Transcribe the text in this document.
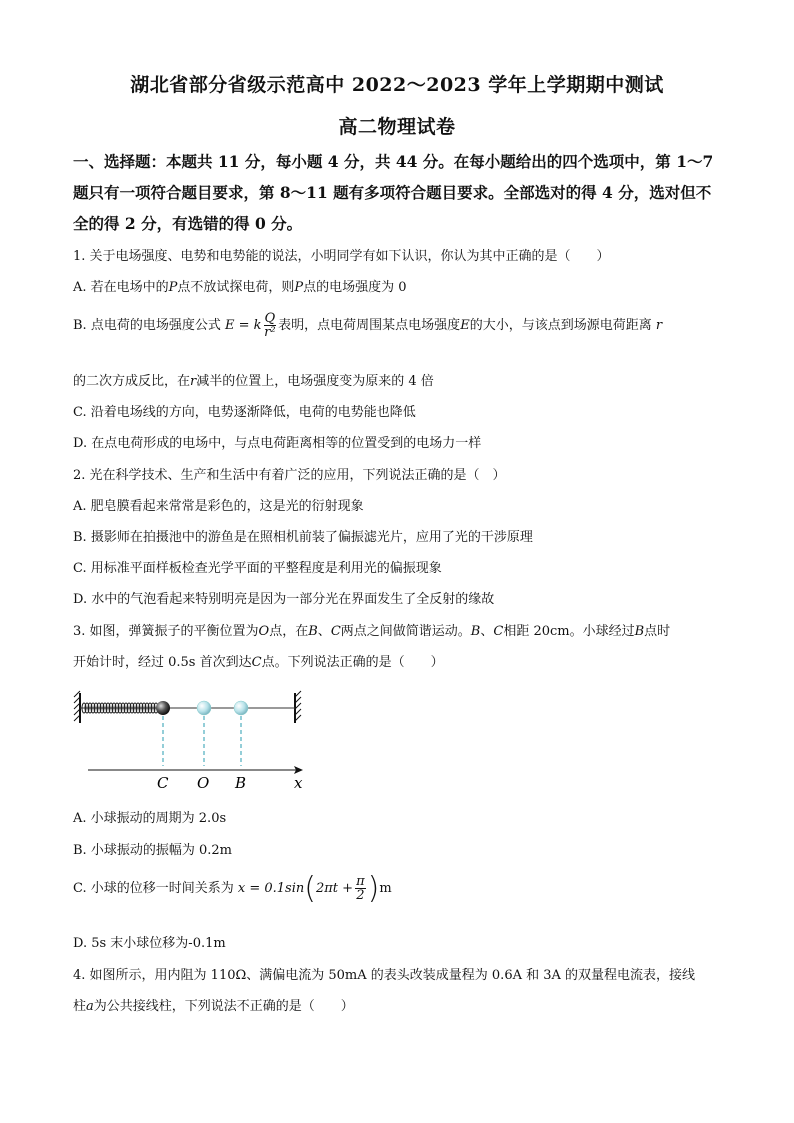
湖北省部分省级示范高中 2022～2023 学年上学期期中测试
高二物理试卷
一、选择题：本题共 11 分，每小题 4 分，共 44 分。在每小题给出的四个选项中，第 1～7 题只有一项符合题目要求，第 8～11 题有多项符合题目要求。全部选对的得 4 分，选对但不全的得 2 分，有选错的得 0 分。
1. 关于电场强度、电势和电势能的说法，小明同学有如下认识，你认为其中正确的是（　　）
A. 若在电场中的P点不放试探电荷，则P点的电场强度为 0
B. 点电荷的电场强度公式 E = k $\frac{Q}{\text{r²}}$ 表明，点电荷周围某点电场强度E的大小，与该点到场源电荷距离 r
的二次方成反比，在r减半的位置上，电场强度变为原来的 4 倍
C. 沿着电场线的方向，电势逐渐降低，电荷的电势能也降低
D. 在点电荷形成的电场中，与点电荷距离相等的位置受到的电场力一样
2. 光在科学技术、生产和生活中有着广泛的应用，下列说法正确的是（　）
A. 肥皂膜看起来常常是彩色的，这是光的衍射现象
B. 摄影师在拍摄池中的游鱼是在照相机前装了偏振滤光片，应用了光的干涉原理
C. 用标准平面样板检查光学平面的平整程度是利用光的偏振现象
D. 水中的气泡看起来特别明亮是因为一部分光在界面发生了全反射的缘故
3. 如图，弹簧振子的平衡位置为O点，在B、C两点之间做简谐运动。B、C相距 20cm。小球经过B点时
开始计时，经过 0.5s 首次到达C点。下列说法正确的是（　　）
C O B	x
A. 小球振动的周期为 2.0s
B. 小球振动的振幅为 0.2m
C. 小球的位移一时间关系为 $x = 0.1\sin(2\pi t + \frac{\pi}{2} )m$
D. 5s 末小球位移为-0.1m
4. 如图所示，用内阻为 110Ω、满偏电流为 50mA 的表头改装成量程为 0.6A 和 3A 的双量程电流表，接线
柱a为公共接线柱，下列说法不正确的是（　　）
